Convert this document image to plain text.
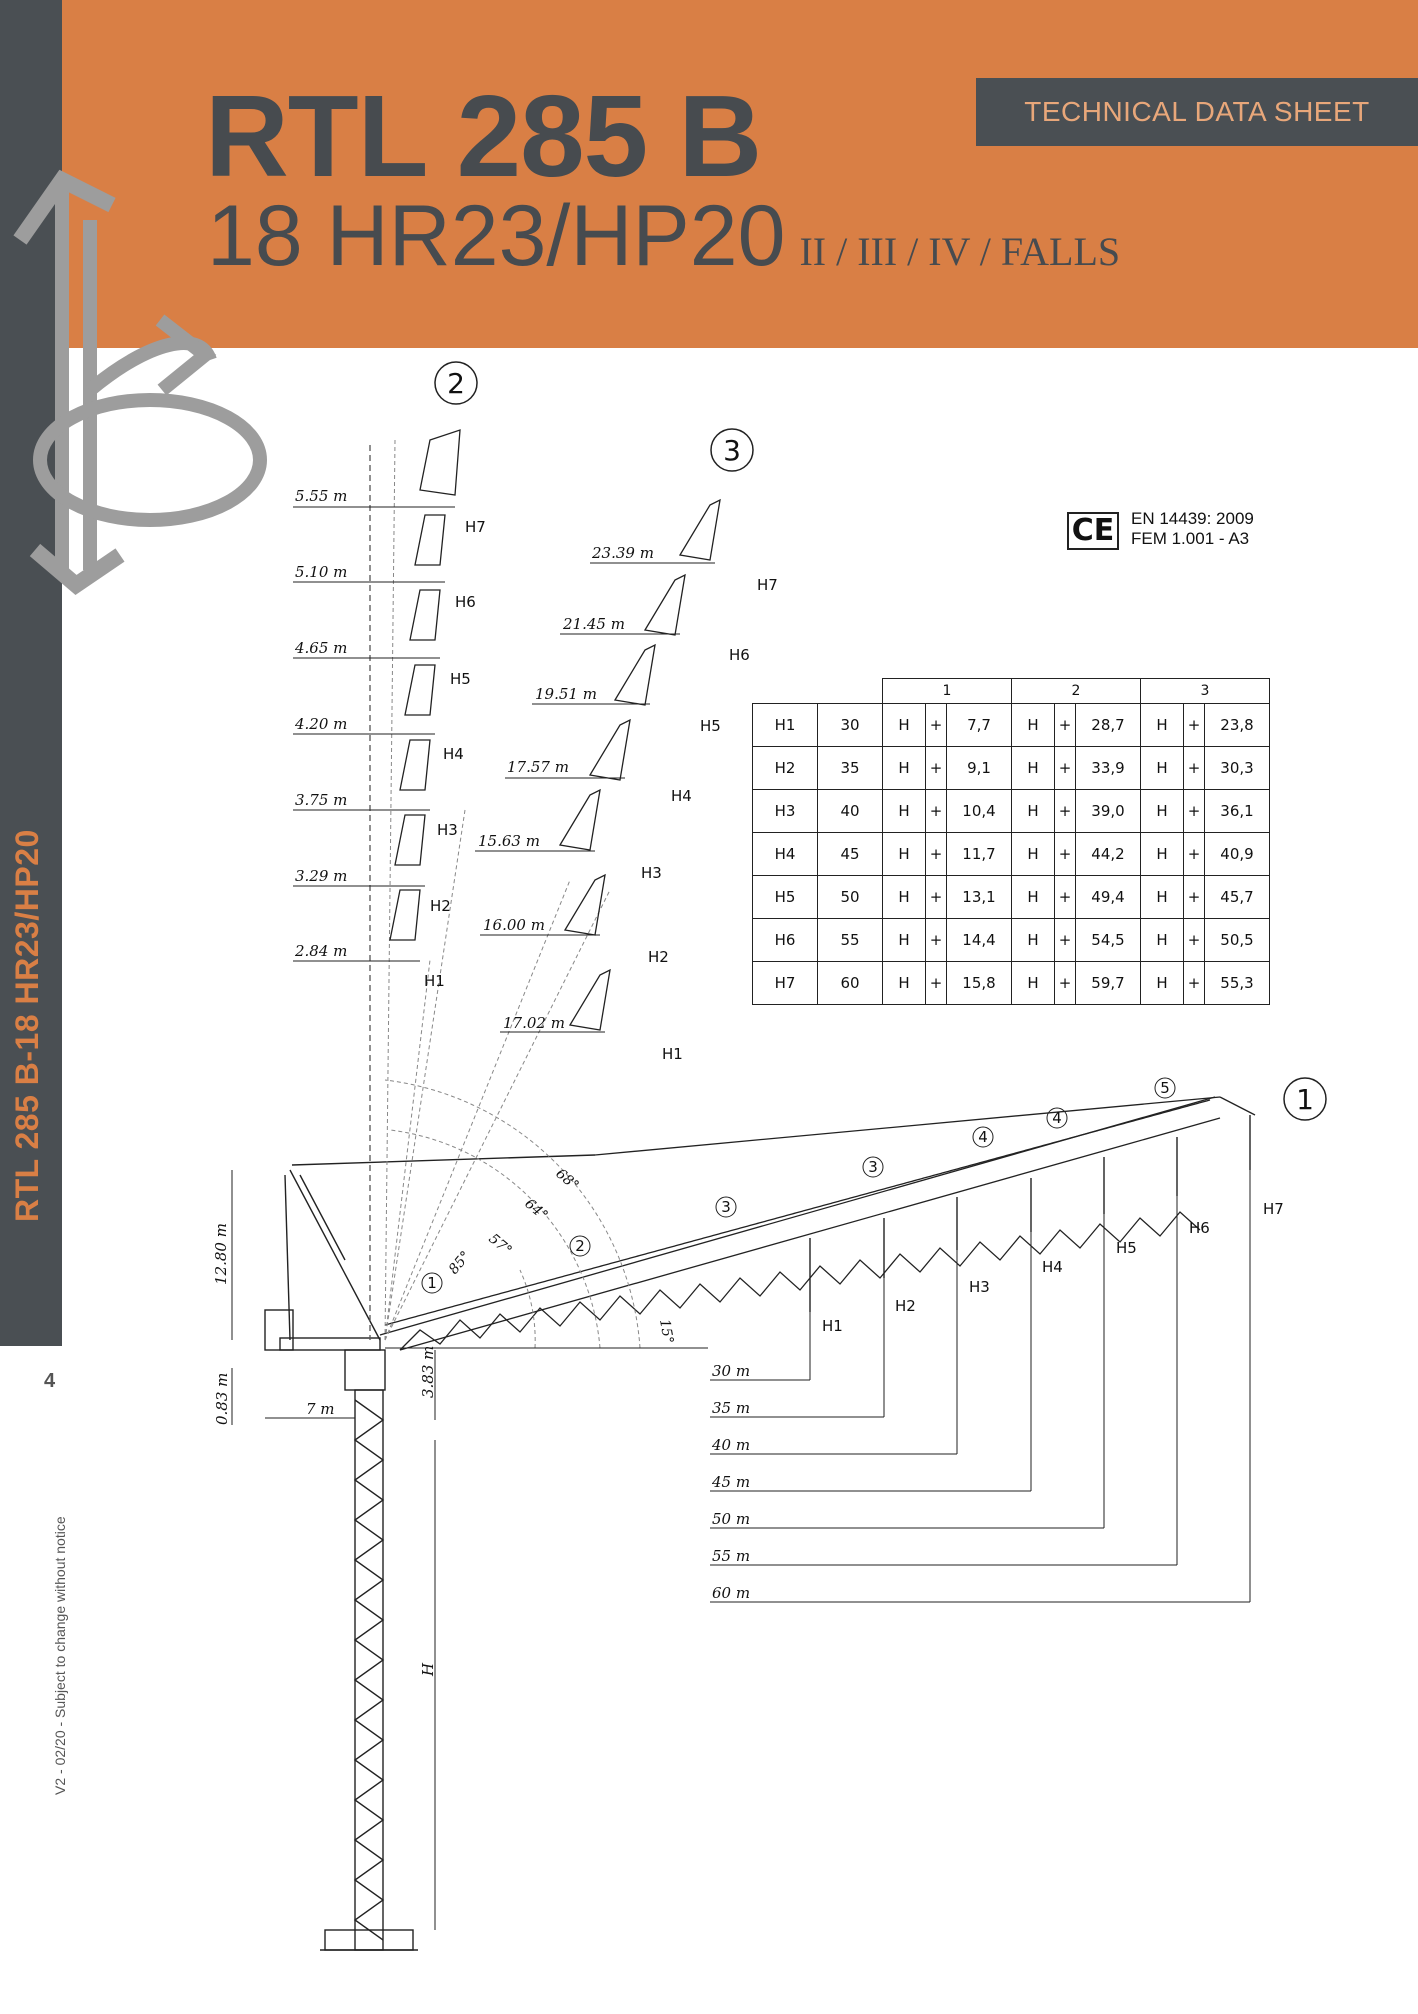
2
3
1
5.55 m
5.10 m
4.65 m
4.20 m
3.75 m
3.29 m
2.84 m
H7
H6
H5
H4
H3
H2
H1
23.39 m
21.45 m
19.51 m
17.57 m
15.63 m
16.00 m
17.02 m
H7
H6
H5
H4
H3
H2
H1
H1
H2
H3
H4
H5
H6
H7
30 m
35 m
40 m
45 m
50 m
55 m
60 m
15°
85°
57°
64°
68°
1
2
3
3
4
4
5
12.80 m
0.83 m	7 m
3.83 m
H
RTL 285 B
18 HR23/HP20 II / III / IV / FALLS
TECHNICAL DATA SHEET
RTL 285 B-18 HR23/HP20
4
V2 - 02/20 - Subject to change without notice
CE EN 14439: 2009
FEM 1.001 - A3
		1			2			3		
H1	30	H	+	7,7	H	+	28,7	H	+	23,8
H2	35	H	+	9,1	H	+	33,9	H	+	30,3
H3	40	H	+	10,4	H	+	39,0	H	+	36,1
H4	45	H	+	11,7	H	+	44,2	H	+	40,9
H5	50	H	+	13,1	H	+	49,4	H	+	45,7
H6	55	H	+	14,4	H	+	54,5	H	+	50,5
H7	60	H	+	15,8	H	+	59,7	H	+	55,3
